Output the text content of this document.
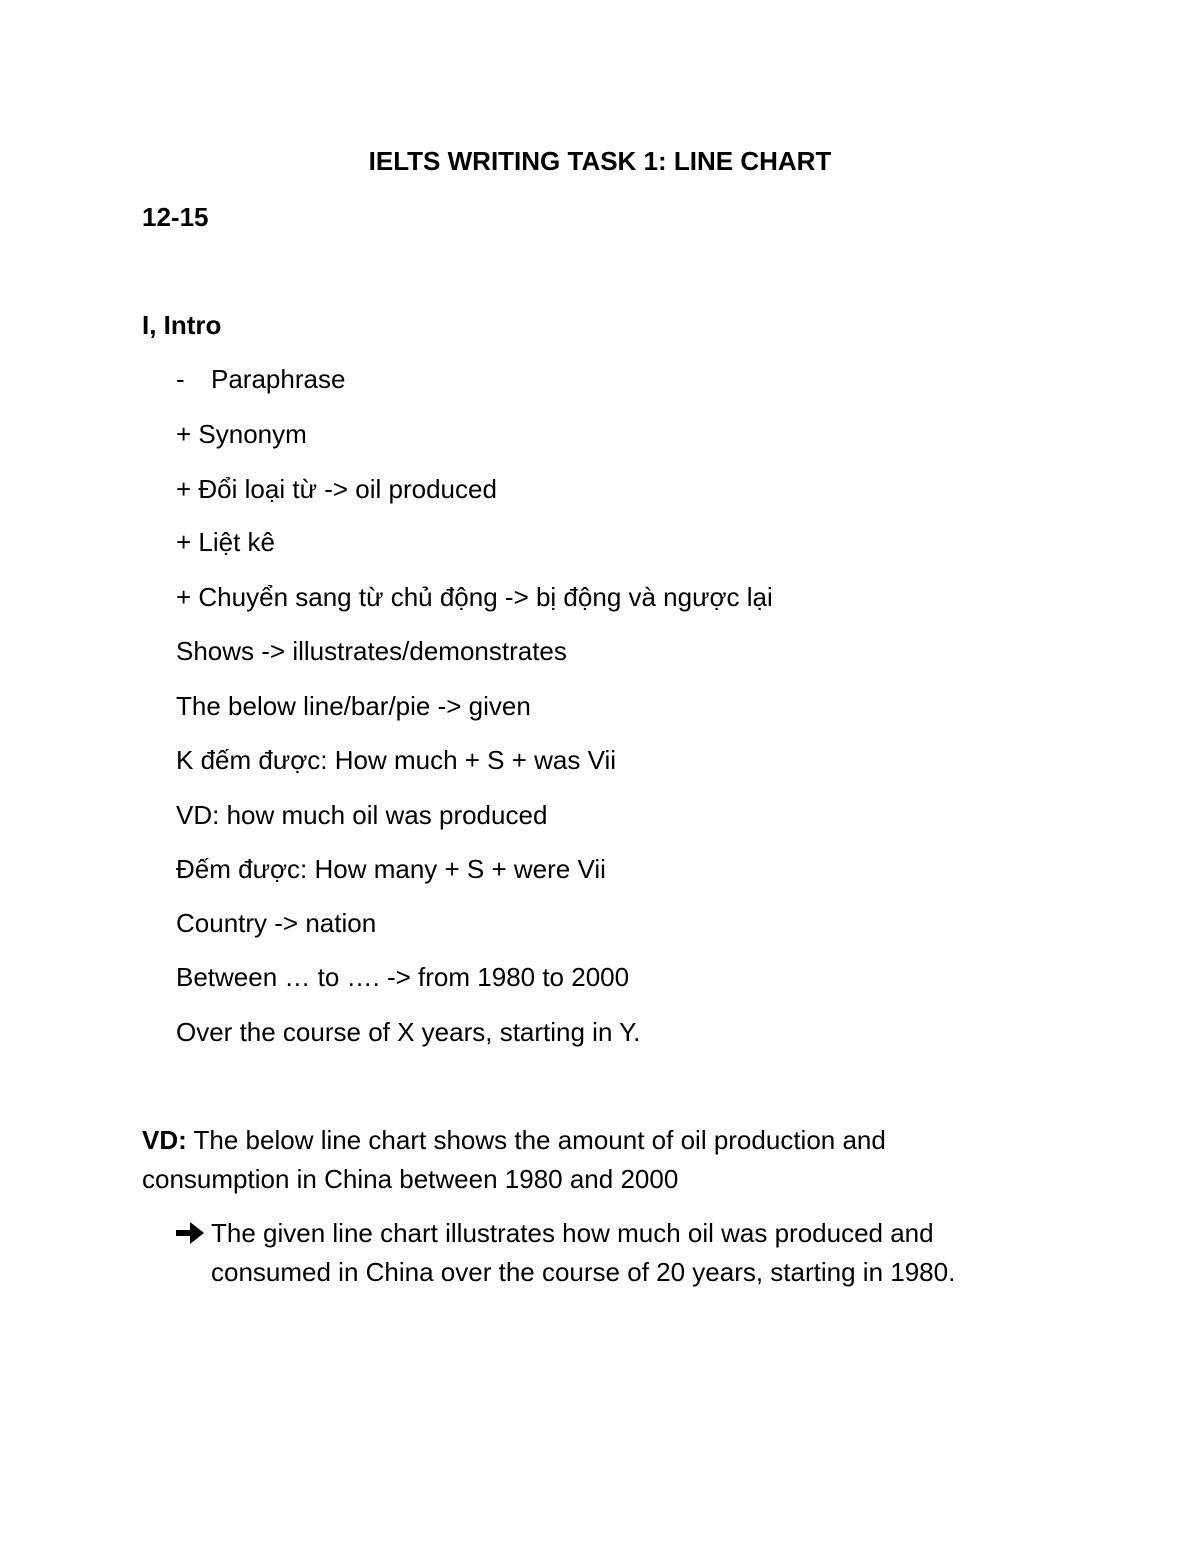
IELTS WRITING TASK 1: LINE CHART
12-15
I, Intro
- Paraphrase
+ Synonym
+ Đổi loại từ -> oil produced
+ Liệt kê
+ Chuyển sang từ chủ động -> bị động và ngược lại
Shows -> illustrates/demonstrates
The below line/bar/pie -> given
K đếm được: How much + S + was Vii
VD: how much oil was produced
Đếm được: How many + S + were Vii
Country -> nation
Between … to …. -> from 1980 to 2000
Over the course of X years, starting in Y.
VD: The below line chart shows the amount of oil production and
consumption in China between 1980 and 2000
The given line chart illustrates how much oil was produced and
consumed in China over the course of 20 years, starting in 1980.
